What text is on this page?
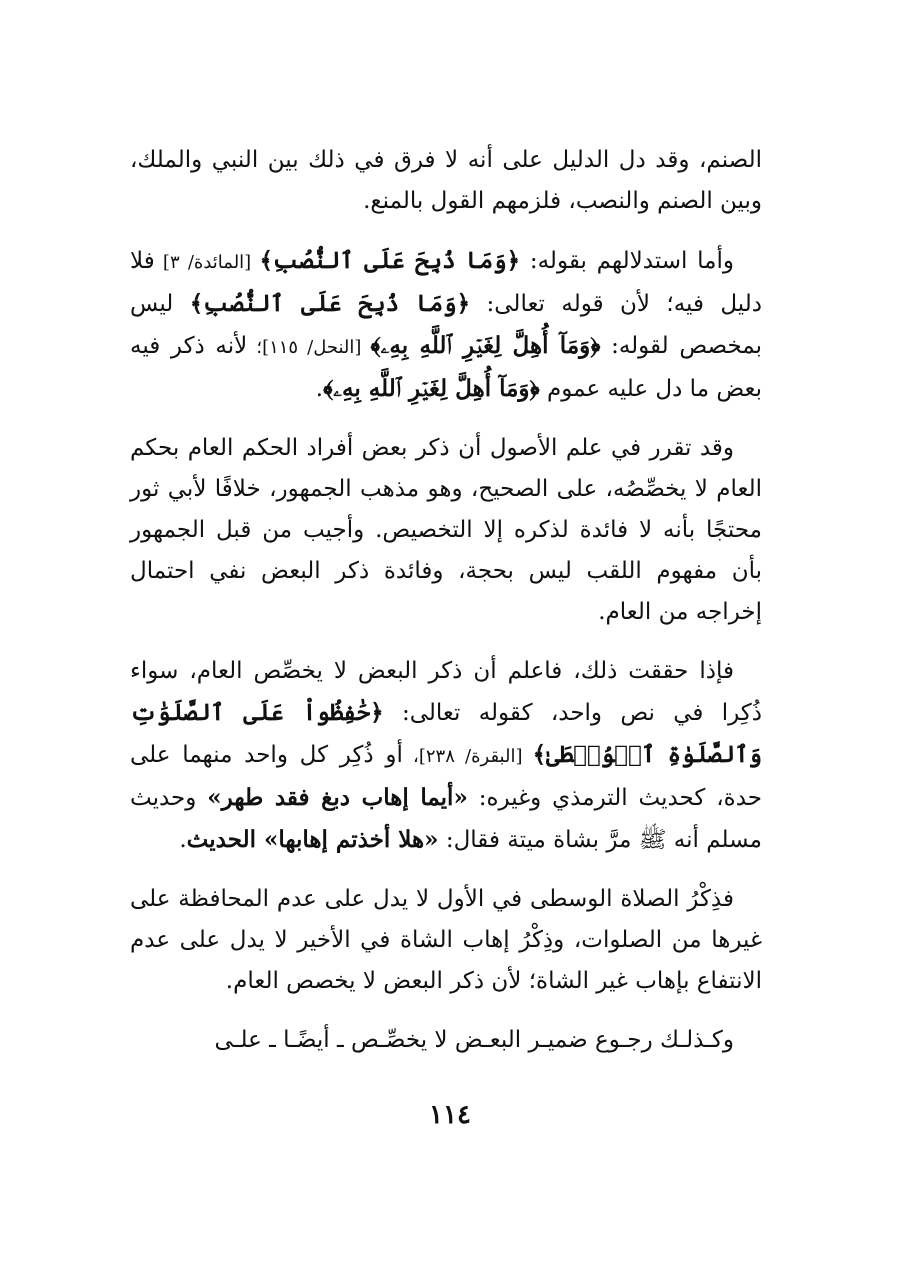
الصنم، وقد دل الدليل على أنه لا فرق في ذلك بين النبي والملك، وبين الصنم والنصب، فلزمهم القول بالمنع.

وأما استدلالهم بقوله: ﴿وَمَا ذُبِحَ عَلَى ٱلنُّصُبِ﴾ [المائدة/ ٣] فلا دليل فيه؛ لأن قوله تعالى: ﴿وَمَا ذُبِحَ عَلَى ٱلنُّصُبِ﴾ ليس بمخصص لقوله: ﴿وَمَآ أُهِلَّ لِغَيۡرِ ٱللَّهِ بِهِۦ﴾ [النحل/ ١١٥]؛ لأنه ذكر فيه بعض ما دل عليه عموم ﴿وَمَآ أُهِلَّ لِغَيۡرِ ٱللَّهِ بِهِۦ﴾.

وقد تقرر في علم الأصول أن ذكر بعض أفراد الحكم العام بحكم العام لا يخصِّصُه، على الصحيح، وهو مذهب الجمهور، خلافًا لأبي ثور محتجًا بأنه لا فائدة لذكره إلا التخصيص. وأجيب من قبل الجمهور بأن مفهوم اللقب ليس بحجة، وفائدة ذكر البعض نفي احتمال إخراجه من العام.

فإذا حققت ذلك، فاعلم أن ذكر البعض لا يخصِّص العام، سواء ذُكِرا في نص واحد، كقوله تعالى: ﴿حَٰفِظُواْ عَلَى ٱلصَّلَوَٰتِ وَٱلصَّلَوٰةِ ٱلۡوُسۡطَىٰ﴾ [البقرة/ ٢٣٨]، أو ذُكِر كل واحد منهما على حدة، كحديث الترمذي وغيره: «أيما إهاب دبغ فقد طهر» وحديث مسلم أنه ﷺ مرَّ بشاة ميتة فقال: «هلا أخذتم إهابها» الحديث.

فذِكْرُ الصلاة الوسطى في الأول لا يدل على عدم المحافظة على غيرها من الصلوات، وذِكْرُ إهاب الشاة في الأخير لا يدل على عدم الانتفاع بإهاب غير الشاة؛ لأن ذكر البعض لا يخصص العام.

وكـذلـك رجـوع ضميـر البعـض لا يخصِّـص ـ أيضًـا ـ علـى

١١٤
